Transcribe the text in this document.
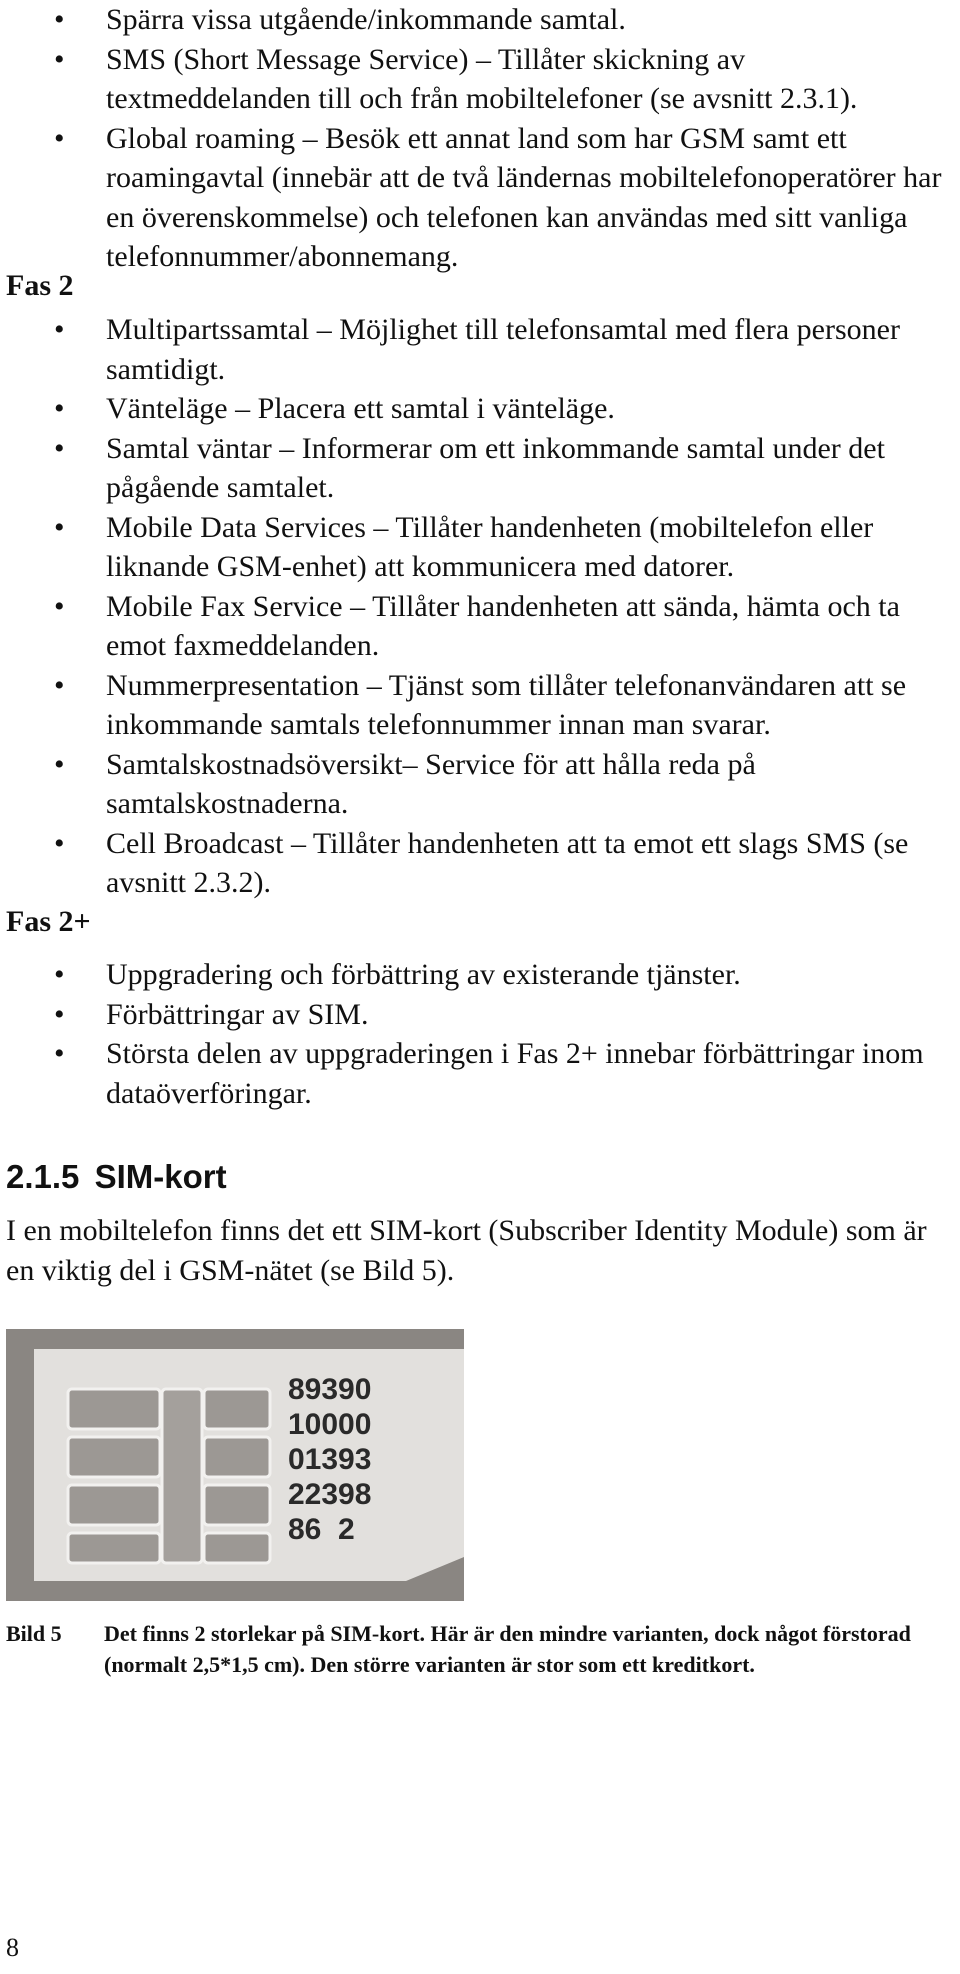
• Spärra vissa utgående/inkommande samtal.
• SMS (Short Message Service) – Tillåter skickning av textmeddelanden till och från mobiltelefoner (se avsnitt 2.3.1).
• Global roaming – Besök ett annat land som har GSM samt ett roamingavtal (innebär att de två ländernas mobiltelefonoperatörer har en överenskommelse) och telefonen kan användas med sitt vanliga telefonnummer/abonnemang.
Fas 2
• Multipartssamtal – Möjlighet till telefonsamtal med flera personer samtidigt.
• Vänteläge – Placera ett samtal i vänteläge.
• Samtal väntar – Informerar om ett inkommande samtal under det pågående samtalet.
• Mobile Data Services – Tillåter handenheten (mobiltelefon eller liknande GSM-enhet) att kommunicera med datorer.
• Mobile Fax Service – Tillåter handenheten att sända, hämta och ta emot faxmeddelanden.
• Nummerpresentation – Tjänst som tillåter telefonanvändaren att se inkommande samtals telefonnummer innan man svarar.
• Samtalskostnadsöversikt– Service för att hålla reda på samtalskostnaderna.
• Cell Broadcast – Tillåter handenheten att ta emot ett slags SMS (se avsnitt 2.3.2).
Fas 2+
• Uppgradering och förbättring av existerande tjänster.
• Förbättringar av SIM.
• Största delen av uppgraderingen i Fas 2+ innebar förbättringar inom dataöverföringar.
2.1.5 SIM-kort
I en mobiltelefon finns det ett SIM-kort (Subscriber Identity Module) som är en viktig del i GSM-nätet (se Bild 5).
89390
10000
01393
22398
86  2
Bild 5 Det finns 2 storlekar på SIM-kort. Här är den mindre varianten, dock något förstorad (normalt 2,5*1,5 cm). Den större varianten är stor som ett kreditkort.
8
